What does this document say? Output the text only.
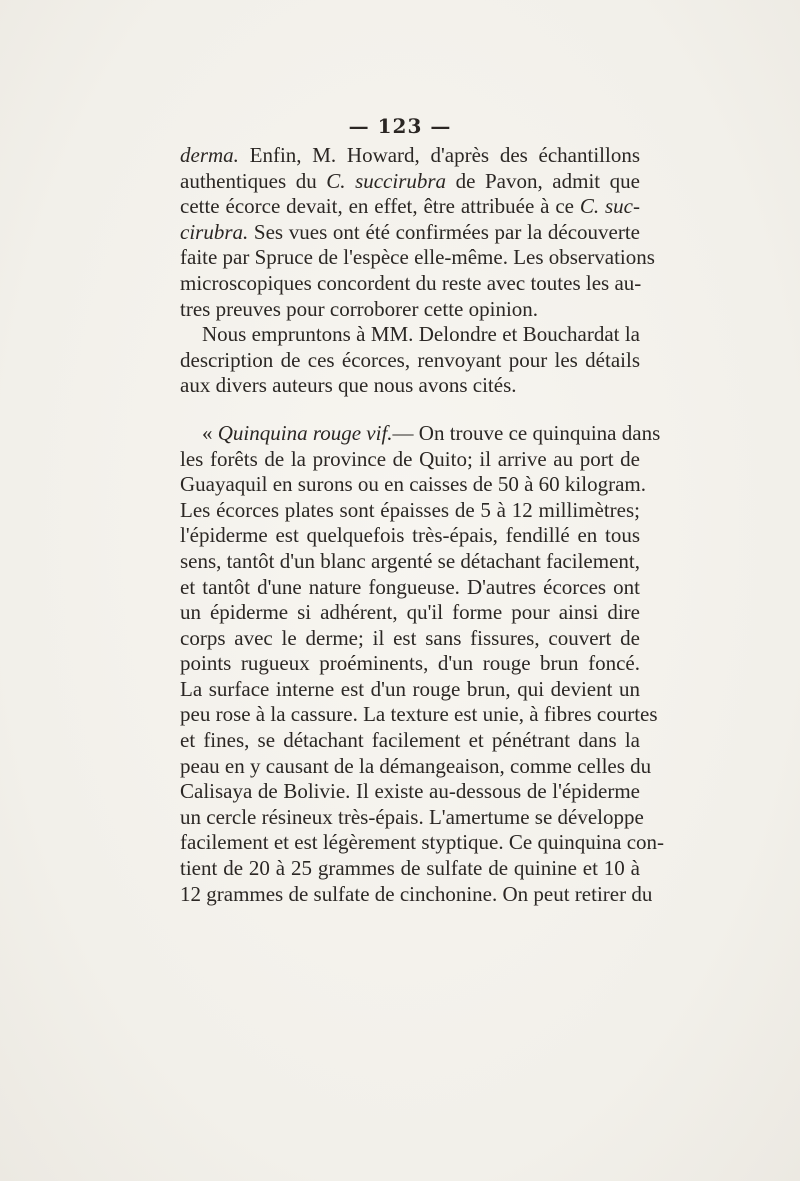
— 123 —
derma. Enfin, M. Howard, d'après des échantillons
authentiques du C. succirubra de Pavon, admit que
cette écorce devait, en effet, être attribuée à ce C. suc-
cirubra. Ses vues ont été confirmées par la découverte
faite par Spruce de l'espèce elle-même. Les observations
microscopiques concordent du reste avec toutes les au-
tres preuves pour corroborer cette opinion.
Nous empruntons à MM. Delondre et Bouchardat la
description de ces écorces, renvoyant pour les détails
aux divers auteurs que nous avons cités.
« Quinquina rouge vif.— On trouve ce quinquina dans
les forêts de la province de Quito; il arrive au port de
Guayaquil en surons ou en caisses de 50 à 60 kilogram.
Les écorces plates sont épaisses de 5 à 12 millimètres;
l'épiderme est quelquefois très-épais, fendillé en tous
sens, tantôt d'un blanc argenté se détachant facilement,
et tantôt d'une nature fongueuse. D'autres écorces ont
un épiderme si adhérent, qu'il forme pour ainsi dire
corps avec le derme; il est sans fissures, couvert de
points rugueux proéminents, d'un rouge brun foncé.
La surface interne est d'un rouge brun, qui devient un
peu rose à la cassure. La texture est unie, à fibres courtes
et fines, se détachant facilement et pénétrant dans la
peau en y causant de la démangeaison, comme celles du
Calisaya de Bolivie. Il existe au-dessous de l'épiderme
un cercle résineux très-épais. L'amertume se développe
facilement et est légèrement styptique. Ce quinquina con-
tient de 20 à 25 grammes de sulfate de quinine et 10 à
12 grammes de sulfate de cinchonine. On peut retirer du
